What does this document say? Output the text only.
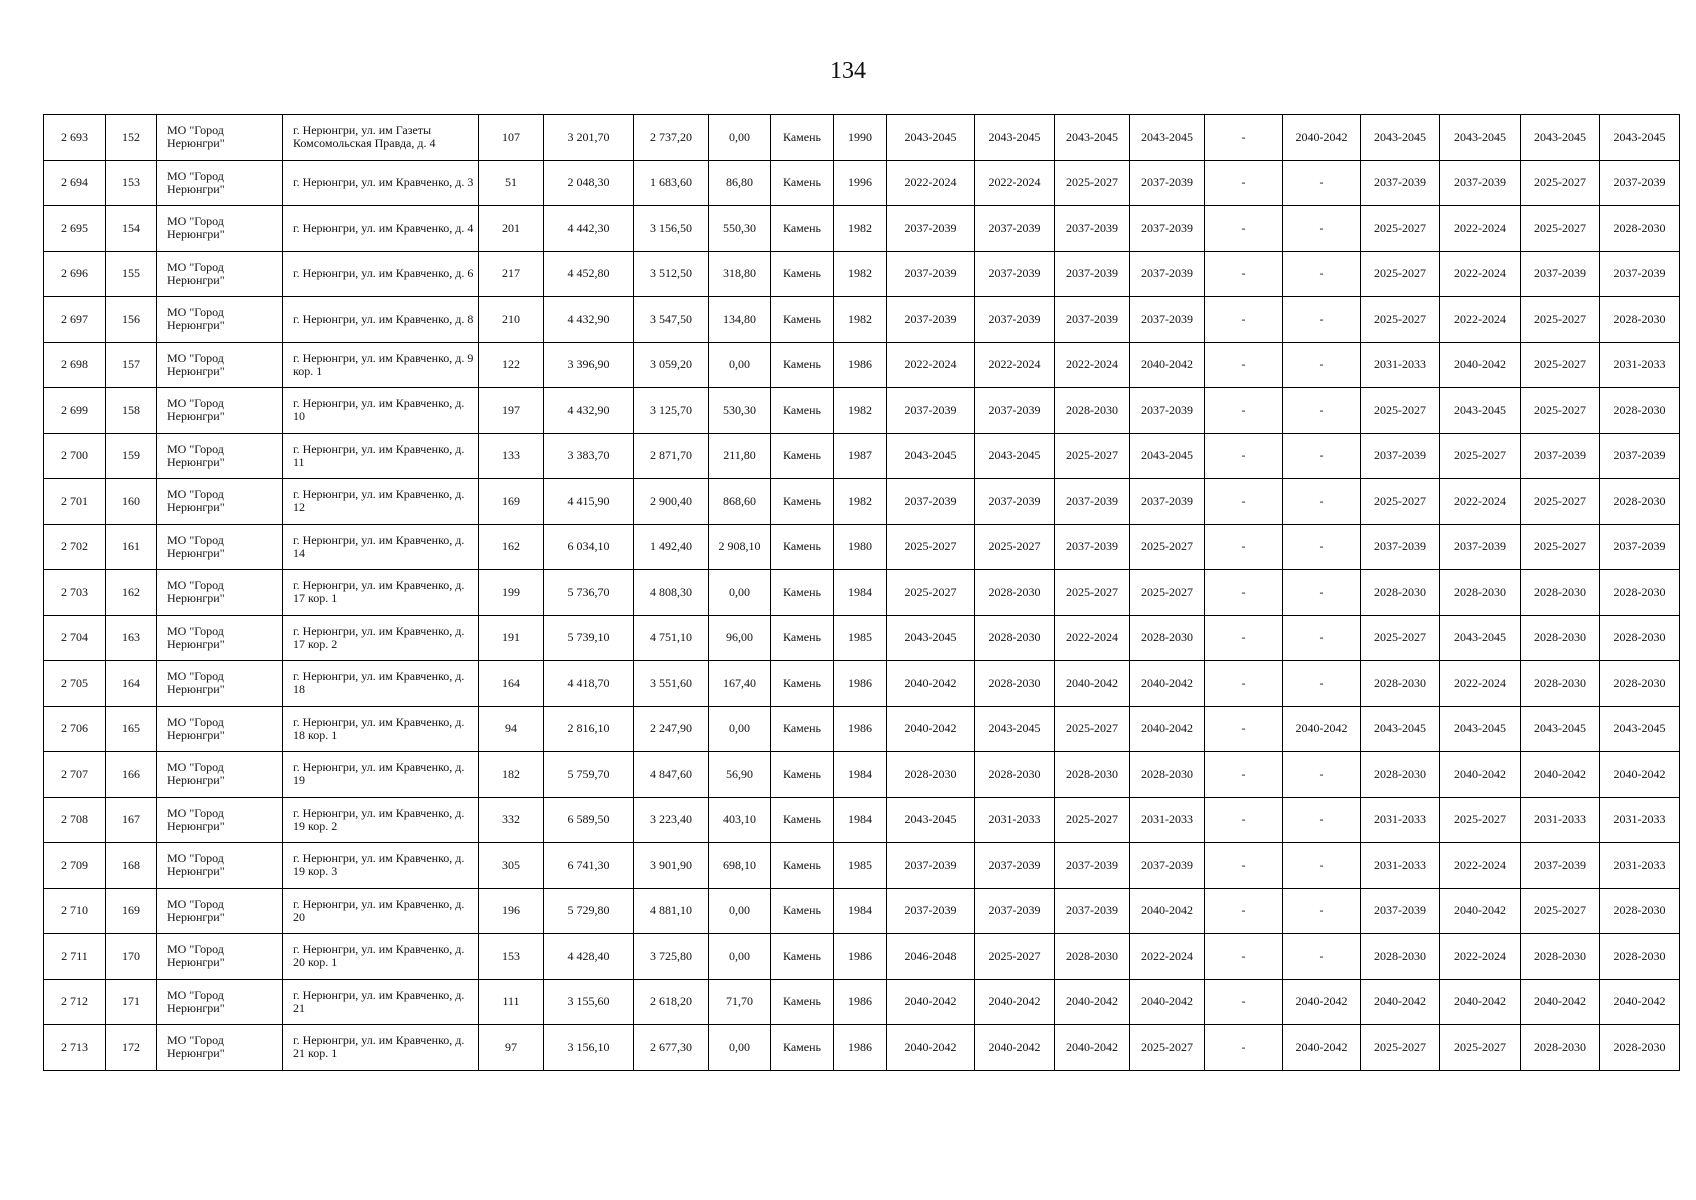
134
2 693	152	МО "Город Нерюнгри"	г. Нерюнгри, ул. им Газеты Комсомольская Правда, д. 4	107	3 201,70	2 737,20	0,00	Камень	1990	2043-2045	2043-2045	2043-2045	2043-2045	-	2040-2042	2043-2045	2043-2045	2043-2045	2043-2045
2 694	153	МО "Город Нерюнгри"	г. Нерюнгри, ул. им Кравченко, д. 3	51	2 048,30	1 683,60	86,80	Камень	1996	2022-2024	2022-2024	2025-2027	2037-2039	-	-	2037-2039	2037-2039	2025-2027	2037-2039
2 695	154	МО "Город Нерюнгри"	г. Нерюнгри, ул. им Кравченко, д. 4	201	4 442,30	3 156,50	550,30	Камень	1982	2037-2039	2037-2039	2037-2039	2037-2039	-	-	2025-2027	2022-2024	2025-2027	2028-2030
2 696	155	МО "Город Нерюнгри"	г. Нерюнгри, ул. им Кравченко, д. 6	217	4 452,80	3 512,50	318,80	Камень	1982	2037-2039	2037-2039	2037-2039	2037-2039	-	-	2025-2027	2022-2024	2037-2039	2037-2039
2 697	156	МО "Город Нерюнгри"	г. Нерюнгри, ул. им Кравченко, д. 8	210	4 432,90	3 547,50	134,80	Камень	1982	2037-2039	2037-2039	2037-2039	2037-2039	-	-	2025-2027	2022-2024	2025-2027	2028-2030
2 698	157	МО "Город Нерюнгри"	г. Нерюнгри, ул. им Кравченко, д. 9 кор. 1	122	3 396,90	3 059,20	0,00	Камень	1986	2022-2024	2022-2024	2022-2024	2040-2042	-	-	2031-2033	2040-2042	2025-2027	2031-2033
2 699	158	МО "Город Нерюнгри"	г. Нерюнгри, ул. им Кравченко, д. 10	197	4 432,90	3 125,70	530,30	Камень	1982	2037-2039	2037-2039	2028-2030	2037-2039	-	-	2025-2027	2043-2045	2025-2027	2028-2030
2 700	159	МО "Город Нерюнгри"	г. Нерюнгри, ул. им Кравченко, д. 11	133	3 383,70	2 871,70	211,80	Камень	1987	2043-2045	2043-2045	2025-2027	2043-2045	-	-	2037-2039	2025-2027	2037-2039	2037-2039
2 701	160	МО "Город Нерюнгри"	г. Нерюнгри, ул. им Кравченко, д. 12	169	4 415,90	2 900,40	868,60	Камень	1982	2037-2039	2037-2039	2037-2039	2037-2039	-	-	2025-2027	2022-2024	2025-2027	2028-2030
2 702	161	МО "Город Нерюнгри"	г. Нерюнгри, ул. им Кравченко, д. 14	162	6 034,10	1 492,40	2 908,10	Камень	1980	2025-2027	2025-2027	2037-2039	2025-2027	-	-	2037-2039	2037-2039	2025-2027	2037-2039
2 703	162	МО "Город Нерюнгри"	г. Нерюнгри, ул. им Кравченко, д. 17 кор. 1	199	5 736,70	4 808,30	0,00	Камень	1984	2025-2027	2028-2030	2025-2027	2025-2027	-	-	2028-2030	2028-2030	2028-2030	2028-2030
2 704	163	МО "Город Нерюнгри"	г. Нерюнгри, ул. им Кравченко, д. 17 кор. 2	191	5 739,10	4 751,10	96,00	Камень	1985	2043-2045	2028-2030	2022-2024	2028-2030	-	-	2025-2027	2043-2045	2028-2030	2028-2030
2 705	164	МО "Город Нерюнгри"	г. Нерюнгри, ул. им Кравченко, д. 18	164	4 418,70	3 551,60	167,40	Камень	1986	2040-2042	2028-2030	2040-2042	2040-2042	-	-	2028-2030	2022-2024	2028-2030	2028-2030
2 706	165	МО "Город Нерюнгри"	г. Нерюнгри, ул. им Кравченко, д. 18 кор. 1	94	2 816,10	2 247,90	0,00	Камень	1986	2040-2042	2043-2045	2025-2027	2040-2042	-	2040-2042	2043-2045	2043-2045	2043-2045	2043-2045
2 707	166	МО "Город Нерюнгри"	г. Нерюнгри, ул. им Кравченко, д. 19	182	5 759,70	4 847,60	56,90	Камень	1984	2028-2030	2028-2030	2028-2030	2028-2030	-	-	2028-2030	2040-2042	2040-2042	2040-2042
2 708	167	МО "Город Нерюнгри"	г. Нерюнгри, ул. им Кравченко, д. 19 кор. 2	332	6 589,50	3 223,40	403,10	Камень	1984	2043-2045	2031-2033	2025-2027	2031-2033	-	-	2031-2033	2025-2027	2031-2033	2031-2033
2 709	168	МО "Город Нерюнгри"	г. Нерюнгри, ул. им Кравченко, д. 19 кор. 3	305	6 741,30	3 901,90	698,10	Камень	1985	2037-2039	2037-2039	2037-2039	2037-2039	-	-	2031-2033	2022-2024	2037-2039	2031-2033
2 710	169	МО "Город Нерюнгри"	г. Нерюнгри, ул. им Кравченко, д. 20	196	5 729,80	4 881,10	0,00	Камень	1984	2037-2039	2037-2039	2037-2039	2040-2042	-	-	2037-2039	2040-2042	2025-2027	2028-2030
2 711	170	МО "Город Нерюнгри"	г. Нерюнгри, ул. им Кравченко, д. 20 кор. 1	153	4 428,40	3 725,80	0,00	Камень	1986	2046-2048	2025-2027	2028-2030	2022-2024	-	-	2028-2030	2022-2024	2028-2030	2028-2030
2 712	171	МО "Город Нерюнгри"	г. Нерюнгри, ул. им Кравченко, д. 21	111	3 155,60	2 618,20	71,70	Камень	1986	2040-2042	2040-2042	2040-2042	2040-2042	-	2040-2042	2040-2042	2040-2042	2040-2042	2040-2042
2 713	172	МО "Город Нерюнгри"	г. Нерюнгри, ул. им Кравченко, д. 21 кор. 1	97	3 156,10	2 677,30	0,00	Камень	1986	2040-2042	2040-2042	2040-2042	2025-2027	-	2040-2042	2025-2027	2025-2027	2028-2030	2028-2030
